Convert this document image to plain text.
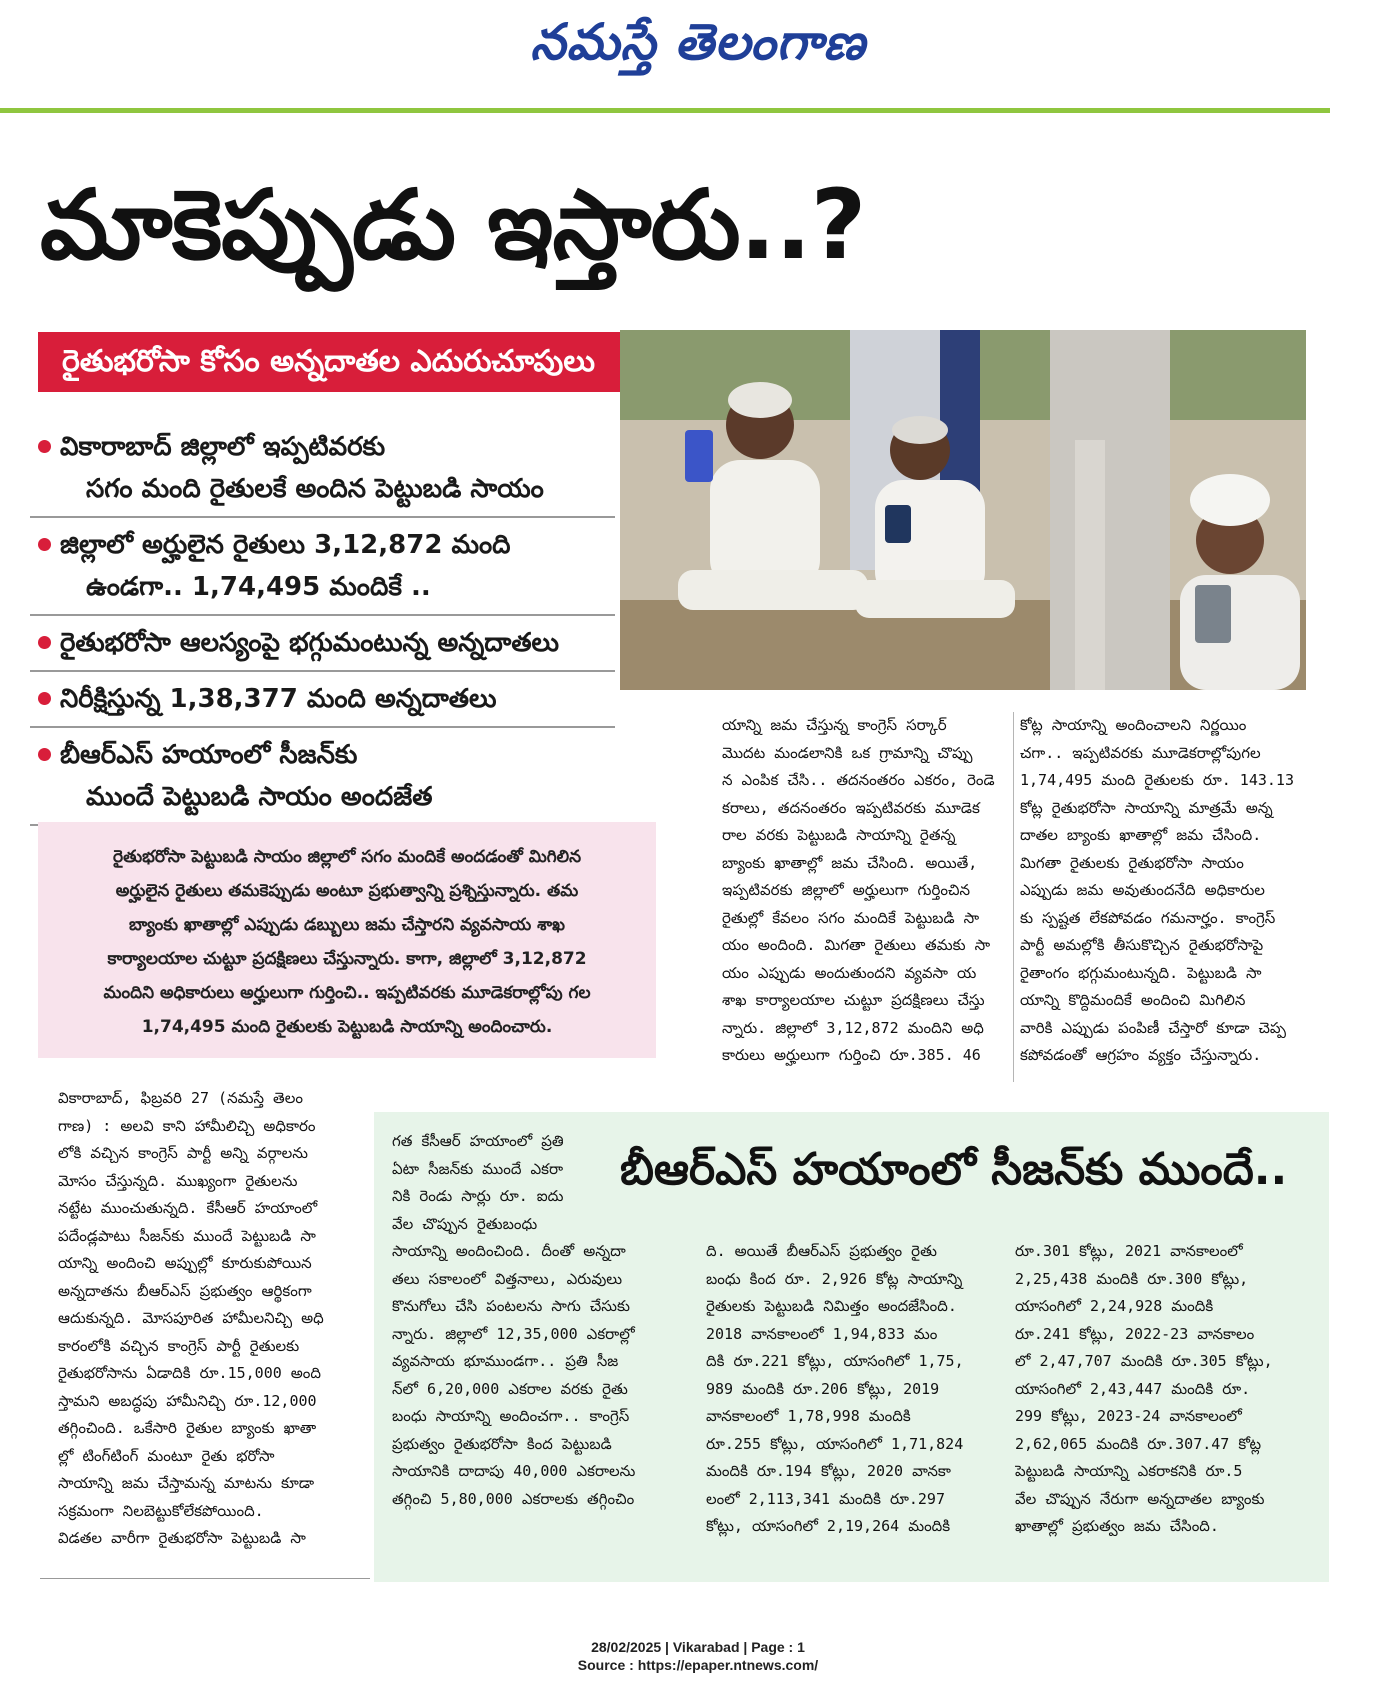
నమస్తే తెలంగాణ
మాకెప్పుడు ఇస్తారు..?
రైతుభరోసా కోసం అన్నదాతల ఎదురుచూపులు
వికారాబాద్ జిల్లాలో ఇప్పటివరకు
సగం మంది రైతులకే అందిన పెట్టుబడి సాయం
జిల్లాలో అర్హులైన రైతులు 3,12,872 మంది
ఉండగా.. 1,74,495 మందికే ..
రైతుభరోసా ఆలస్యంపై భగ్గుమంటున్న అన్నదాతలు
నిరీక్షిస్తున్న 1,38,377 మంది అన్నదాతలు
బీఆర్ఎస్ హయాంలో సీజన్‌కు
ముందే పెట్టుబడి సాయం అందజేత
రైతుభరోసా పెట్టుబడి సాయం జిల్లాలో సగం మందికే అందడంతో మిగిలిన
అర్హులైన రైతులు తమకెప్పుడు అంటూ ప్రభుత్వాన్ని ప్రశ్నిస్తున్నారు. తమ
బ్యాంకు ఖాతాల్లో ఎప్పుడు డబ్బులు జమ చేస్తారని వ్యవసాయ శాఖ
కార్యాలయాల చుట్టూ ప్రదక్షిణలు చేస్తున్నారు. కాగా, జిల్లాలో 3,12,872
మందిని అధికారులు అర్హులుగా గుర్తించి.. ఇప్పటివరకు మూడెకరాల్లోపు గల
1,74,495 మంది రైతులకు పెట్టుబడి సాయాన్ని అందించారు.
యాన్ని జమ చేస్తున్న కాంగ్రెస్ సర్కార్
మొదట మండలానికి ఒక గ్రామాన్ని చొప్పు
న ఎంపిక చేసి.. తదనంతరం ఎకరం, రెండె
కరాలు, తదనంతరం ఇప్పటివరకు మూడెక
రాల వరకు పెట్టుబడి సాయాన్ని రైతన్న
బ్యాంకు ఖాతాల్లో జమ చేసింది. అయితే,
ఇప్పటివరకు జిల్లాలో అర్హులుగా గుర్తించిన
రైతుల్లో కేవలం సగం మందికే పెట్టుబడి సా
యం అందింది. మిగతా రైతులు తమకు సా
యం ఎప్పుడు అందుతుందని వ్యవసా య
శాఖ కార్యాలయాల చుట్టూ ప్రదక్షిణలు చేస్తు
న్నారు. జిల్లాలో 3,12,872 మందిని అధి
కారులు అర్హులుగా గుర్తించి రూ.385. 46
కోట్ల సాయాన్ని అందించాలని నిర్ణయిం
చగా.. ఇప్పటివరకు మూడెకరాల్లోపుగల
1,74,495 మంది రైతులకు రూ. 143.13
కోట్ల రైతుభరోసా సాయాన్ని మాత్రమే అన్న
దాతల బ్యాంకు ఖాతాల్లో జమ చేసింది.
మిగతా రైతులకు రైతుభరోసా సాయం
ఎప్పుడు జమ అవుతుందనేది అధికారుల
కు స్పష్టత లేకపోవడం గమనార్హం. కాంగ్రెస్
పార్టీ అమల్లోకి తీసుకొచ్చిన రైతుభరోసాపై
రైతాంగం భగ్గుమంటున్నది. పెట్టుబడి సా
యాన్ని కొద్దిమందికే అందించి మిగిలిన
వారికి ఎప్పుడు పంపిణీ చేస్తారో కూడా చెప్ప
కపోవడంతో ఆగ్రహం వ్యక్తం చేస్తున్నారు.
వికారాబాద్, ఫిబ్రవరి 27 (నమస్తే తెలం
గాణ) : అలవి కాని హామీలిచ్చి అధికారం
లోకి వచ్చిన కాంగ్రెస్ పార్టీ అన్ని వర్గాలను
మోసం చేస్తున్నది. ముఖ్యంగా రైతులను
నట్టేట ముంచుతున్నది. కేసీఆర్ హయాంలో
పదేండ్లపాటు సీజన్‌కు ముందే పెట్టుబడి సా
యాన్ని అందించి అప్పుల్లో కూరుకుపోయిన
అన్నదాతను బీఆర్ఎస్ ప్రభుత్వం ఆర్థికంగా
ఆదుకున్నది. మోసపూరిత హామీలనిచ్చి అధి
కారంలోకి వచ్చిన కాంగ్రెస్ పార్టీ రైతులకు
రైతుభరోసాను ఏడాదికి రూ.15,000 అంది
స్తామని అబద్ధపు హామీనిచ్చి రూ.12,000
తగ్గించింది. ఒకేసారి రైతుల బ్యాంకు ఖాతా
ల్లో టింగ్‌టింగ్ మంటూ రైతు భరోసా
సాయాన్ని జమ చేస్తామన్న మాటను కూడా
సక్రమంగా నిలబెట్టుకోలేకపోయింది.
విడతల వారీగా రైతుభరోసా పెట్టుబడి సా
బీఆర్ఎస్ హయాంలో సీజన్‌కు ముందే..
గత కేసీఆర్ హయాంలో ప్రతి
ఏటా సీజన్‌కు ముందే ఎకరా
నికి రెండు సార్లు రూ. ఐదు
వేల చొప్పున రైతుబంధు
సాయాన్ని అందించింది. దీంతో అన్నదా
తలు సకాలంలో విత్తనాలు, ఎరువులు
కొనుగోలు చేసి పంటలను సాగు చేసుకు
న్నారు. జిల్లాలో 12,35,000 ఎకరాల్లో
వ్యవసాయ భూముండగా.. ప్రతి సీజ
న్‌లో 6,20,000 ఎకరాల వరకు రైతు
బంధు సాయాన్ని అందించగా.. కాంగ్రెస్
ప్రభుత్వం రైతుభరోసా కింద పెట్టుబడి
సాయానికి దాదాపు 40,000 ఎకరాలను
తగ్గించి 5,80,000 ఎకరాలకు తగ్గించిం
ది. అయితే బీఆర్ఎస్ ప్రభుత్వం రైతు
బంధు కింద రూ. 2,926 కోట్ల సాయాన్ని
రైతులకు పెట్టుబడి నిమిత్తం అందజేసింది.
2018 వానకాలంలో 1,94,833 మం
దికి రూ.221 కోట్లు, యాసంగిలో 1,75,
989 మందికి రూ.206 కోట్లు, 2019
వానకాలంలో 1,78,998 మందికి
రూ.255 కోట్లు, యాసంగిలో 1,71,824
మందికి రూ.194 కోట్లు, 2020 వానకా
లంలో 2,113,341 మందికి రూ.297
కోట్లు, యాసంగిలో 2,19,264 మందికి
రూ.301 కోట్లు, 2021 వానకాలంలో
2,25,438 మందికి రూ.300 కోట్లు,
యాసంగిలో 2,24,928 మందికి
రూ.241 కోట్లు, 2022-23 వానకాలం
లో 2,47,707 మందికి రూ.305 కోట్లు,
యాసంగిలో 2,43,447 మందికి రూ.
299 కోట్లు, 2023-24 వానకాలంలో
2,62,065 మందికి రూ.307.47 కోట్ల
పెట్టుబడి సాయాన్ని ఎకరాకనికి రూ.5
వేల చొప్పున నేరుగా అన్నదాతల బ్యాంకు
ఖాతాల్లో ప్రభుత్వం జమ చేసింది.
28/02/2025 | Vikarabad | Page : 1
Source : https://epaper.ntnews.com/
